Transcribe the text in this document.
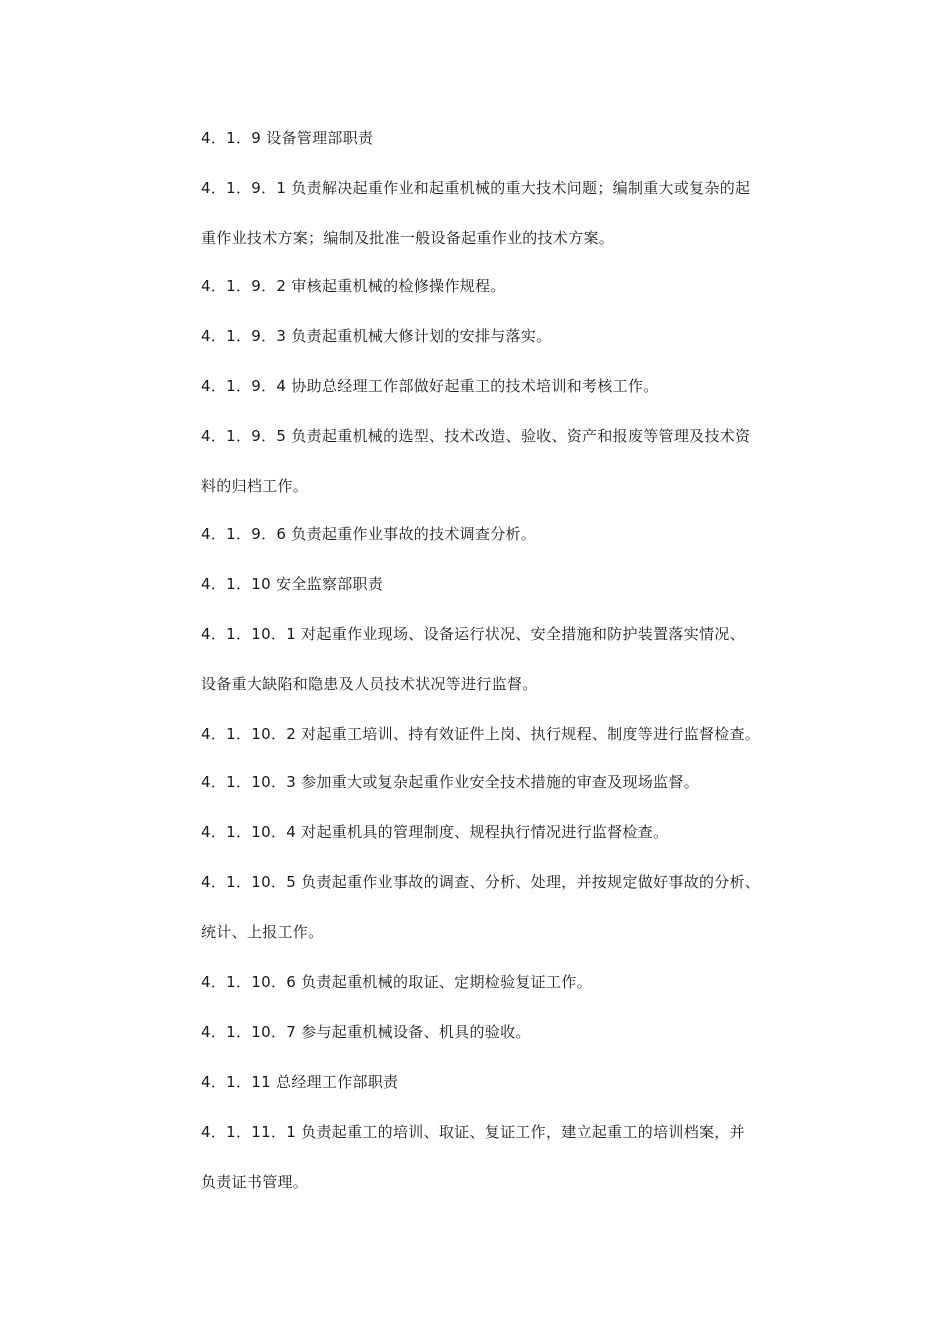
4．1．9 设备管理部职责
4．1．9．1 负责解决起重作业和起重机械的重大技术问题；编制重大或复杂的起
重作业技术方案；编制及批准一般设备起重作业的技术方案。
4．1．9．2 审核起重机械的检修操作规程。
4．1．9．3 负责起重机械大修计划的安排与落实。
4．1．9．4 协助总经理工作部做好起重工的技术培训和考核工作。
4．1．9．5 负责起重机械的选型、技术改造、验收、资产和报废等管理及技术资
料的归档工作。
4．1．9．6 负责起重作业事故的技术调查分析。
4．1．10 安全监察部职责
4．1．10．1 对起重作业现场、设备运行状况、安全措施和防护装置落实情况、
设备重大缺陷和隐患及人员技术状况等进行监督。
4．1．10．2 对起重工培训、持有效证件上岗、执行规程、制度等进行监督检查。
4．1．10．3 参加重大或复杂起重作业安全技术措施的审查及现场监督。
4．1．10．4 对起重机具的管理制度、规程执行情况进行监督检查。
4．1．10．5 负责起重作业事故的调查、分析、处理，并按规定做好事故的分析、
统计、上报工作。
4．1．10．6 负责起重机械的取证、定期检验复证工作。
4．1．10．7 参与起重机械设备、机具的验收。
4．1．11 总经理工作部职责
4．1．11．1 负责起重工的培训、取证、复证工作，建立起重工的培训档案，并
负责证书管理。
